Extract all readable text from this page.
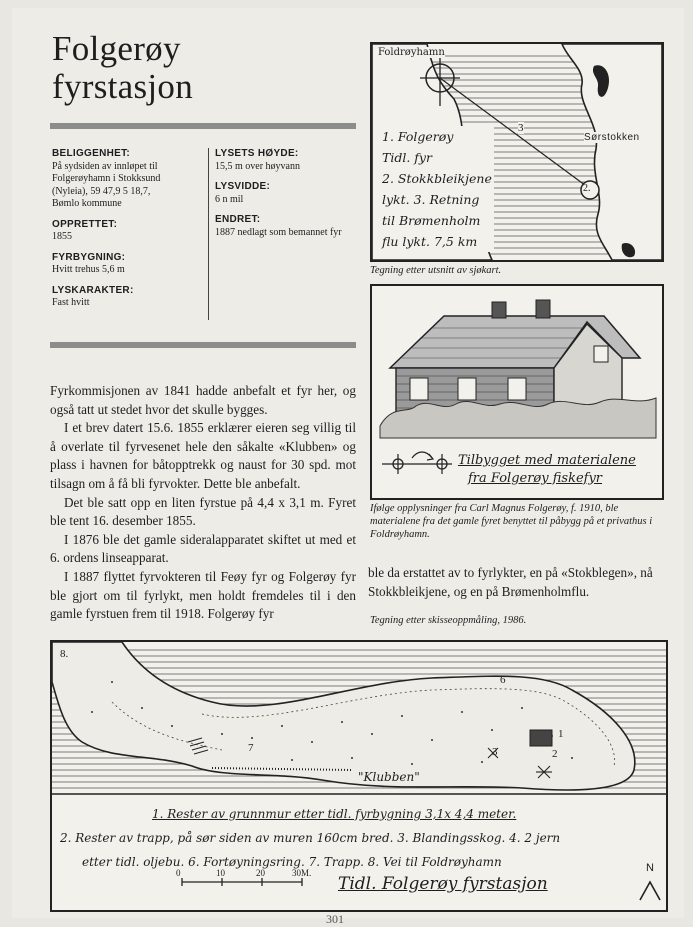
Folgerøy
fyrstasjon
BELIGGENHET:
På sydsiden av innløpet til
Folgerøyhamn i Stokksund
(Nyleia), 59 47,9 5 18,7,
Bømlo kommune
OPPRETTET:
1855
FYRBYGNING:
Hvitt trehus 5,6 m
LYSKARAKTER:
Fast hvitt
LYSETS HØYDE:
15,5 m over høyvann
LYSVIDDE:
6 n mil
ENDRET:
1887 nedlagt som bemannet fyr

Fyrkommisjonen av 1841 hadde anbefalt et fyr her, og også tatt ut stedet hvor det skulle bygges.

I et brev datert 15.6. 1855 erklærer eieren seg villig til å overlate til fyrvesenet hele den såkalte «Klubben» og plass i havnen for båtopptrekk og naust for 30 spd. mot tilsagn om å få bli fyrvokter. Dette ble anbefalt.

Det ble satt opp en liten fyrstue på 4,4 x 3,1 m. Fyret ble tent 16. desember 1855.

I 1876 ble det gamle sideralapparatet skiftet ut med et 6. ordens linseapparat.

I 1887 flyttet fyrvokteren til Feøy fyr og Folgerøy fyr ble gjort om til fyrlykt, men holdt fremdeles til i den gamle fyrstuen frem til 1918. Folgerøy fyr

Foldrøyhamn
Sørstokken
3
2.
1. Folgerøy
Tidl. fyr
2. Stokkbleikjene
lykt. 3. Retning
til Brømenholm
flu lykt. 7,5 km
Tegning etter utsnitt av sjøkart.
Tilbygget med materialene
fra Folgerøy fiskefyr
Ifølge opplysninger fra Carl Magnus Folgerøy, f. 1910, ble materialene fra det gamle fyret benyttet til påbygg på et privathus i Foldrøyhamn.
ble da erstattet av to fyrlykter, en på «Stokblegen», nå Stokkbleikjene, og en på Brømenholmflu.
Tegning etter skisseoppmåling, 1986.
8.
6
7	3	2
1
"Klubben"
1. Rester av grunnmur etter tidl. fyrbygning 3,1x 4,4 meter.
2. Rester av trapp, på sør siden av muren 160cm bred. 3. Blandingsskog. 4. 2 jern
etter tidl. oljebu. 6. Fortøyningsring. 7. Trapp. 8. Vei til Foldrøyhamn
0	10	20	30M.	N
Tidl. Folgerøy fyrstasjon
301
